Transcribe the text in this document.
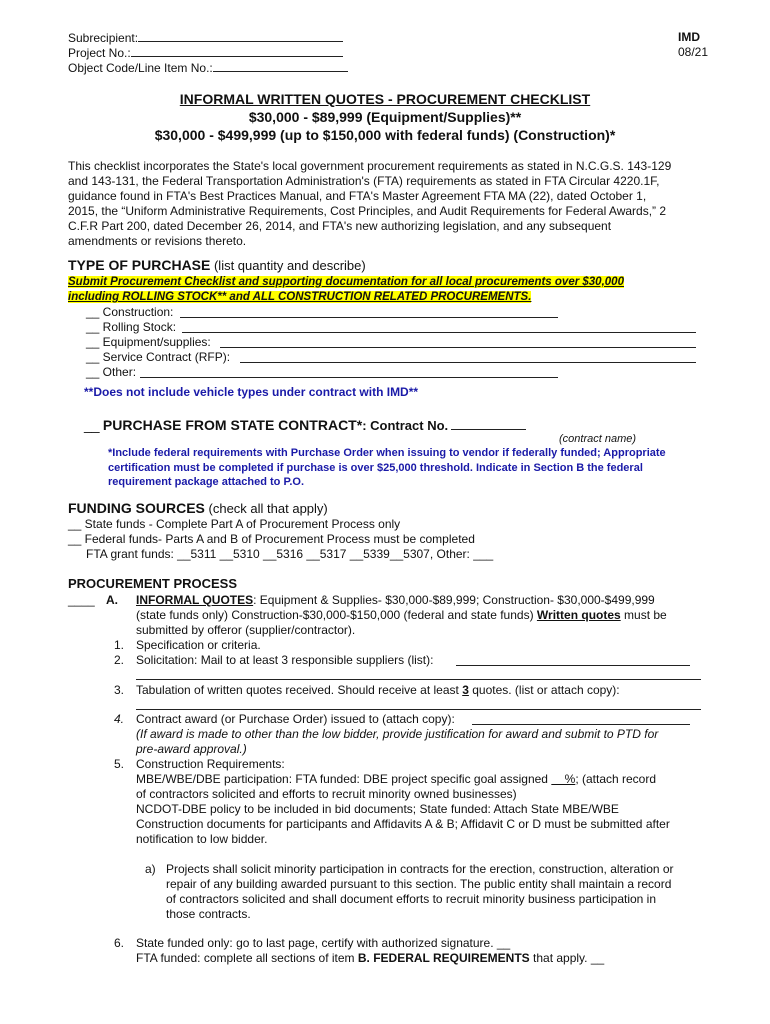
Subrecipient:
Project No.:
Object Code/Line Item No.:
IMD
08/21
INFORMAL WRITTEN QUOTES - PROCUREMENT CHECKLIST
$30,000 - $89,999 (Equipment/Supplies)**
$30,000 - $499,999 (up to $150,000 with federal funds) (Construction)*
This checklist incorporates the State's local government procurement requirements as stated in N.C.G.S. 143-129
and 143-131, the Federal Transportation Administration's (FTA) requirements as stated in FTA Circular 4220.1F,
guidance found in FTA's Best Practices Manual, and FTA's Master Agreement FTA MA (22), dated October 1,
2015, the “Uniform Administrative Requirements, Cost Principles, and Audit Requirements for Federal Awards,” 2
C.F.R Part 200, dated December 26, 2014, and FTA's new authorizing legislation, and any subsequent
amendments or revisions thereto.
TYPE OF PURCHASE (list quantity and describe)
Submit Procurement Checklist and supporting documentation for all local procurements over $30,000
including ROLLING STOCK** and ALL CONSTRUCTION RELATED PROCUREMENTS.
__ Construction:
__ Rolling Stock:
__ Equipment/supplies:
__ Service Contract (RFP):
__ Other:
**Does not include vehicle types under contract with IMD**
__ PURCHASE FROM STATE CONTRACT*: Contract No.
(contract name)
*Include federal requirements with Purchase Order when issuing to vendor if federally funded; Appropriate
certification must be completed if purchase is over $25,000 threshold. Indicate in Section B the federal
requirement package attached to P.O.
FUNDING SOURCES (check all that apply)
__ State funds - Complete Part A of Procurement Process only
__ Federal funds- Parts A and B of Procurement Process must be completed
FTA grant funds: __5311 __5310 __5316 __5317 __5339__5307, Other: ___
PROCUREMENT PROCESS
____ A. INFORMAL QUOTES: Equipment & Supplies- $30,000-$89,999; Construction- $30,000-$499,999
(state funds only) Construction-$30,000-$150,000 (federal and state funds) Written quotes must be
submitted by offeror (supplier/contractor).
1. Specification or criteria.
2. Solicitation: Mail to at least 3 responsible suppliers (list):
3. Tabulation of written quotes received. Should receive at least 3 quotes. (list or attach copy):
4. Contract award (or Purchase Order) issued to (attach copy):
(If award is made to other than the low bidder, provide justification for award and submit to PTD for
pre-award approval.)
5. Construction Requirements:
MBE/WBE/DBE participation: FTA funded: DBE project specific goal assigned     %; (attach record
of contractors solicited and efforts to recruit minority owned businesses)
NCDOT-DBE policy to be included in bid documents; State funded: Attach State MBE/WBE
Construction documents for participants and Affidavits A & B; Affidavit C or D must be submitted after
notification to low bidder.
a) Projects shall solicit minority participation in contracts for the erection, construction, alteration or
repair of any building awarded pursuant to this section. The public entity shall maintain a record
of contractors solicited and shall document efforts to recruit minority business participation in
those contracts.
6. State funded only: go to last page, certify with authorized signature. __
FTA funded: complete all sections of item B. FEDERAL REQUIREMENTS that apply. __
